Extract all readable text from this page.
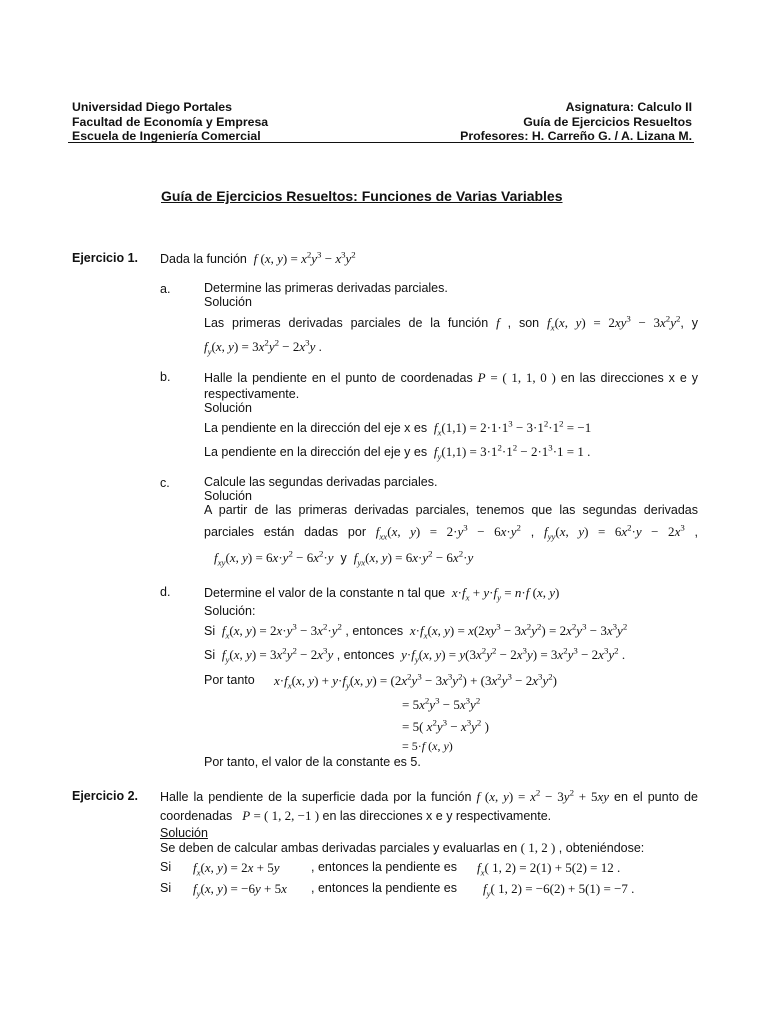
Universidad Diego Portales
Facultad de Economía y Empresa
Escuela de Ingeniería Comercial
Asignatura: Calculo II
Guía de Ejercicios Resueltos
Profesores: H. Carreño G. / A. Lizana M.
Guía de Ejercicios Resueltos: Funciones de Varias Variables
Ejercicio 1. Dada la función f (x, $y) = x^2y^3 - x^3y^2$
a.	Determine las primeras derivadas parciales.
Solución
Las primeras derivadas parciales de la función f , son $f_x(x$, $y) = 2xy^3 - 3x^2y^2$, y
$f_y(x$, $y) = 3x^2y^2 - 2x^3y$ .
b.	Halle la pendiente en el punto de coordenadas P = ( 1, 1, 0 ) en las direcciones x e y
respectivamente.
Solución
La pendiente en la dirección del eje x es $f_x(1,1) = 2\cdot 1\cdot 1^3 - 3\cdot 1^2\cdot 1^2 = -1$
La pendiente en la dirección del eje y es $f_y(1,1) = 3\cdot 1^2\cdot 1^2 - 2\cdot 1^3\cdot 1 = 1$ .
c.	Calcule las segundas derivadas parciales.
Solución
A partir de las primeras derivadas parciales, tenemos que las segundas derivadas
parciales están dadas por $f_{xx}(x$, $y) = 2\cdot y^3 - 6x\cdot y^2$ , $f_{yy}(x$, $y) = 6x^2\cdot y - 2x^3$ ,
$f_{xy}(x$, $y) = 6x\cdot y^2 - 6x^2\cdot y$ y $f_{yx}(x$, $y) = 6x\cdot y^2 - 6x^2\cdot y$
d.	Determine el valor de la constante n tal que $x\cdot f_x + y\cdot f_y = n\cdot f$ (x, y)
Solución:
Si $f_x(x$, $y) = 2x\cdot y^3 - 3x^2\cdot y^2$ , entonces $x\cdot f_x(x$, $y) = x(2xy^3 - 3x^2y^2) = 2x^2y^3 - 3x^3y^2$
Si $f_y(x$, $y) = 3x^2y^2 - 2x^3y$ , entonces $y\cdot f_y(x$, $y) = y(3x^2y^2 - 2x^3y) = 3x^2y^3 - 2x^3y^2$ .
Por tanto $x\cdot f_x(x$, $y) + y\cdot f_y(x$, $y) = (2x^2y^3 - 3x^3y^2) + (3x^2y^3 - 2x^3y^2)$
= $5x^2y^3 - 5x^3y^2$
= 5( $x^2y^3 - x^3y^2$ )
= 5·f (x, y)
Por tanto, el valor de la constante es 5.
Ejercicio 2. Halle la pendiente de la superficie dada por la función f (x, $y) = x^2 - 3y^2 + 5xy$ en el punto de
coordenadas P = ( 1, 2, −1 ) en las direcciones x e y respectivamente.
Solución
Se deben de calcular ambas derivadas parciales y evaluarlas en ( 1, 2 ) , obteniéndose:
Si $f_x(x$, y) = 2x + 5y	, entonces la pendiente es $f_x$( 1, 2) = 2(1) + 5(2) = 12 .
Si $f_y(x$, y) = −6y + 5x , entonces la pendiente es $f_y$( 1, 2) = −6(2) + 5(1) = −7 .
